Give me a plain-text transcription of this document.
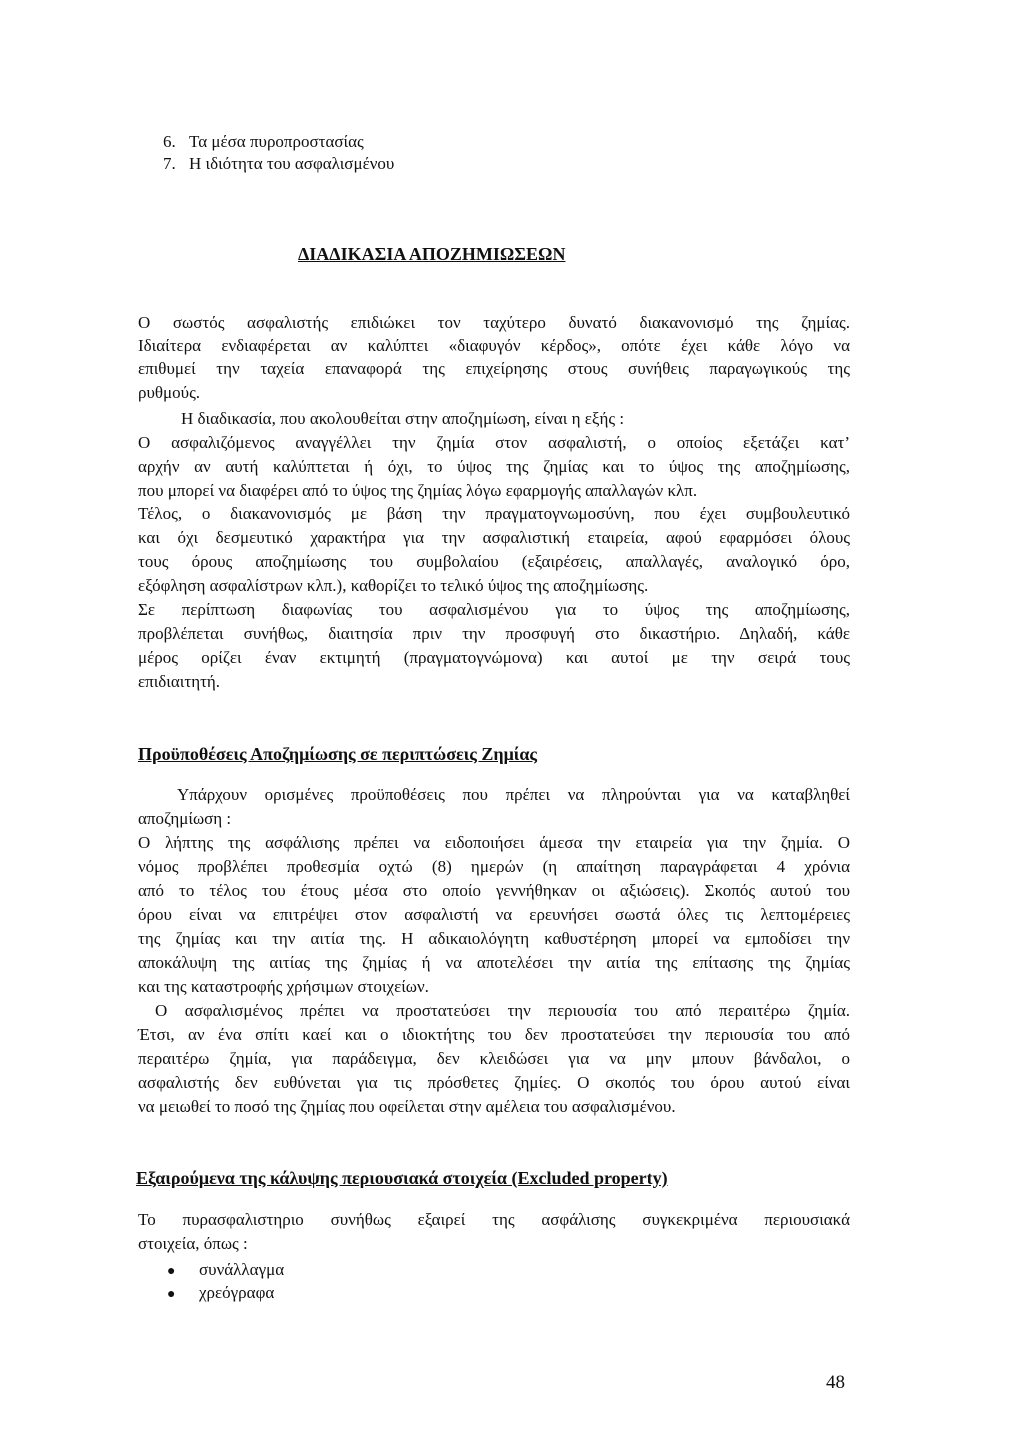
6. Τα μέσα πυροπροστασίας
7. Η ιδιότητα του ασφαλισμένου
ΔΙΑΔΙΚΑΣΙΑ ΑΠΟΖΗΜΙΩΣΕΩΝ
Ο σωστός ασφαλιστής επιδιώκει τον ταχύτερο δυνατό διακανονισμό της ζημίας.
Ιδιαίτερα ενδιαφέρεται αν καλύπτει «διαφυγόν κέρδος», οπότε έχει κάθε λόγο να
επιθυμεί την ταχεία επαναφορά της επιχείρησης στους συνήθεις παραγωγικούς της
ρυθμούς.
Η διαδικασία, που ακολουθείται στην αποζημίωση, είναι η εξής :
Ο ασφαλιζόμενος αναγγέλλει την ζημία στον ασφαλιστή, ο οποίος εξετάζει κατ’
αρχήν αν αυτή καλύπτεται ή όχι, το ύψος της ζημίας και το ύψος της αποζημίωσης,
που μπορεί να διαφέρει από το ύψος της ζημίας λόγω εφαρμογής απαλλαγών κλπ.
Τέλος, ο διακανονισμός με βάση την πραγματογνωμοσύνη, που έχει συμβουλευτικό
και όχι δεσμευτικό χαρακτήρα για την ασφαλιστική εταιρεία, αφού εφαρμόσει όλους
τους όρους αποζημίωσης του συμβολαίου (εξαιρέσεις, απαλλαγές, αναλογικό όρο,
εξόφληση ασφαλίστρων κλπ.), καθορίζει το τελικό ύψος της αποζημίωσης.
Σε περίπτωση διαφωνίας του ασφαλισμένου για το ύψος της αποζημίωσης,
προβλέπεται συνήθως, διαιτησία πριν την προσφυγή στο δικαστήριο. Δηλαδή, κάθε
μέρος ορίζει έναν εκτιμητή (πραγματογνώμονα) και αυτοί με την σειρά τους
επιδιαιτητή.
Προϋποθέσεις Αποζημίωσης σε περιπτώσεις Ζημίας
Υπάρχουν ορισμένες προϋποθέσεις που πρέπει να πληρούνται για να καταβληθεί
αποζημίωση :
Ο λήπτης της ασφάλισης πρέπει να ειδοποιήσει άμεσα την εταιρεία για την ζημία. Ο
νόμος προβλέπει προθεσμία οχτώ (8) ημερών (η απαίτηση παραγράφεται 4 χρόνια
από το τέλος του έτους μέσα στο οποίο γεννήθηκαν οι αξιώσεις). Σκοπός αυτού του
όρου είναι να επιτρέψει στον ασφαλιστή να ερευνήσει σωστά όλες τις λεπτομέρειες
της ζημίας και την αιτία της. Η αδικαιολόγητη καθυστέρηση μπορεί να εμποδίσει την
αποκάλυψη της αιτίας της ζημίας ή να αποτελέσει την αιτία της επίτασης της ζημίας
και της καταστροφής χρήσιμων στοιχείων.
Ο ασφαλισμένος πρέπει να προστατεύσει την περιουσία του από περαιτέρω ζημία.
Έτσι, αν ένα σπίτι καεί και ο ιδιοκτήτης του δεν προστατεύσει την περιουσία του από
περαιτέρω ζημία, για παράδειγμα, δεν κλειδώσει για να μην μπουν βάνδαλοι, ο
ασφαλιστής δεν ευθύνεται για τις πρόσθετες ζημίες. Ο σκοπός του όρου αυτού είναι
να μειωθεί το ποσό της ζημίας που οφείλεται στην αμέλεια του ασφαλισμένου.
Εξαιρούμενα της κάλυψης περιουσιακά στοιχεία (Excluded property)
Το πυρασφαλιστηριο συνήθως εξαιρεί της ασφάλισης συγκεκριμένα περιουσιακά
στοιχεία, όπως :
● συνάλλαγμα
● χρεόγραφα
48
